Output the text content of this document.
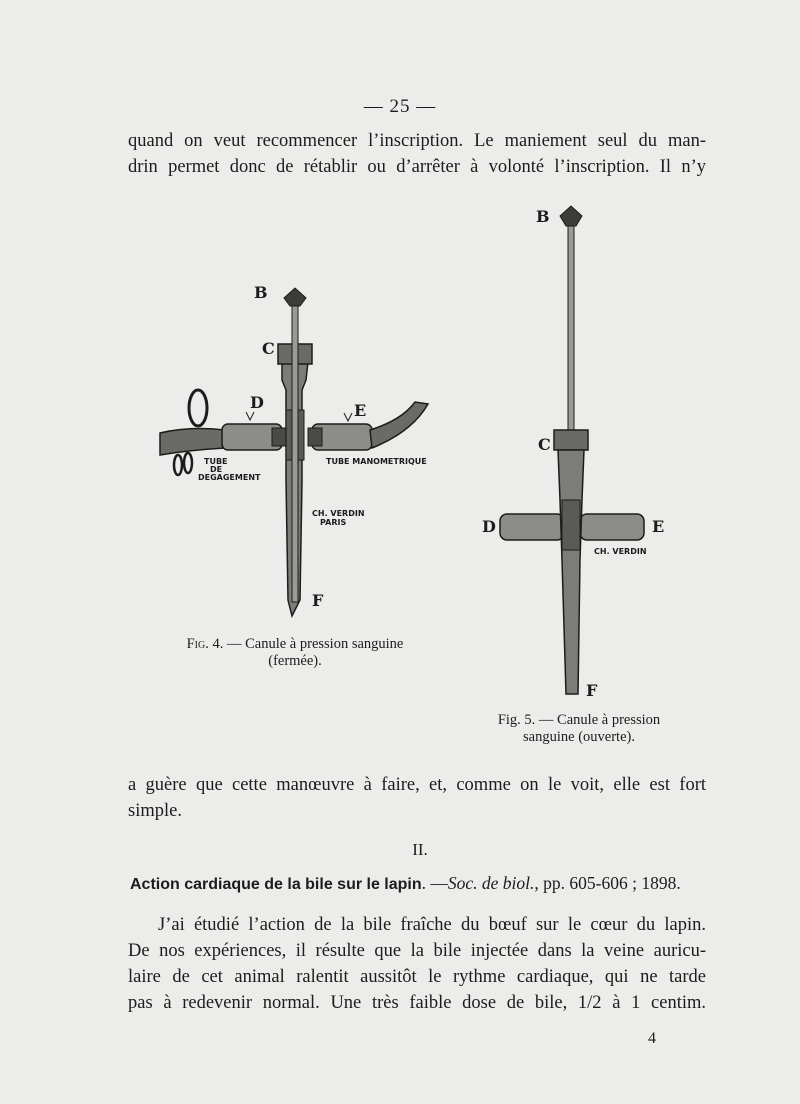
— 25 —
quand on veut recommencer l’inscription. Le maniement seul du man-
drin permet donc de rétablir ou d’arrêter à volonté l’inscription. Il n’y
B
C
D	E
F
TUBE
DE
DEGAGEMENT
TUBE MANOMETRIQUE
CH. VERDIN
PARIS
Fig. 4. — Canule à pression sanguine
(fermée).
B
C
D	E
F
CH. VERDIN
Fig. 5. — Canule à pression
sanguine (ouverte).
a guère que cette manœuvre à faire, et, comme on le voit, elle est fort
simple.
II.
Action cardiaque de la bile sur le lapin. —Soc. de biol., pp. 605-606 ; 1898.
J’ai étudié l’action de la bile fraîche du bœuf sur le cœur du lapin.
De nos expériences, il résulte que la bile injectée dans la veine auricu-
laire de cet animal ralentit aussitôt le rythme cardiaque, qui ne tarde
pas à redevenir normal. Une très faible dose de bile, 1/2 à 1 centim.
4
